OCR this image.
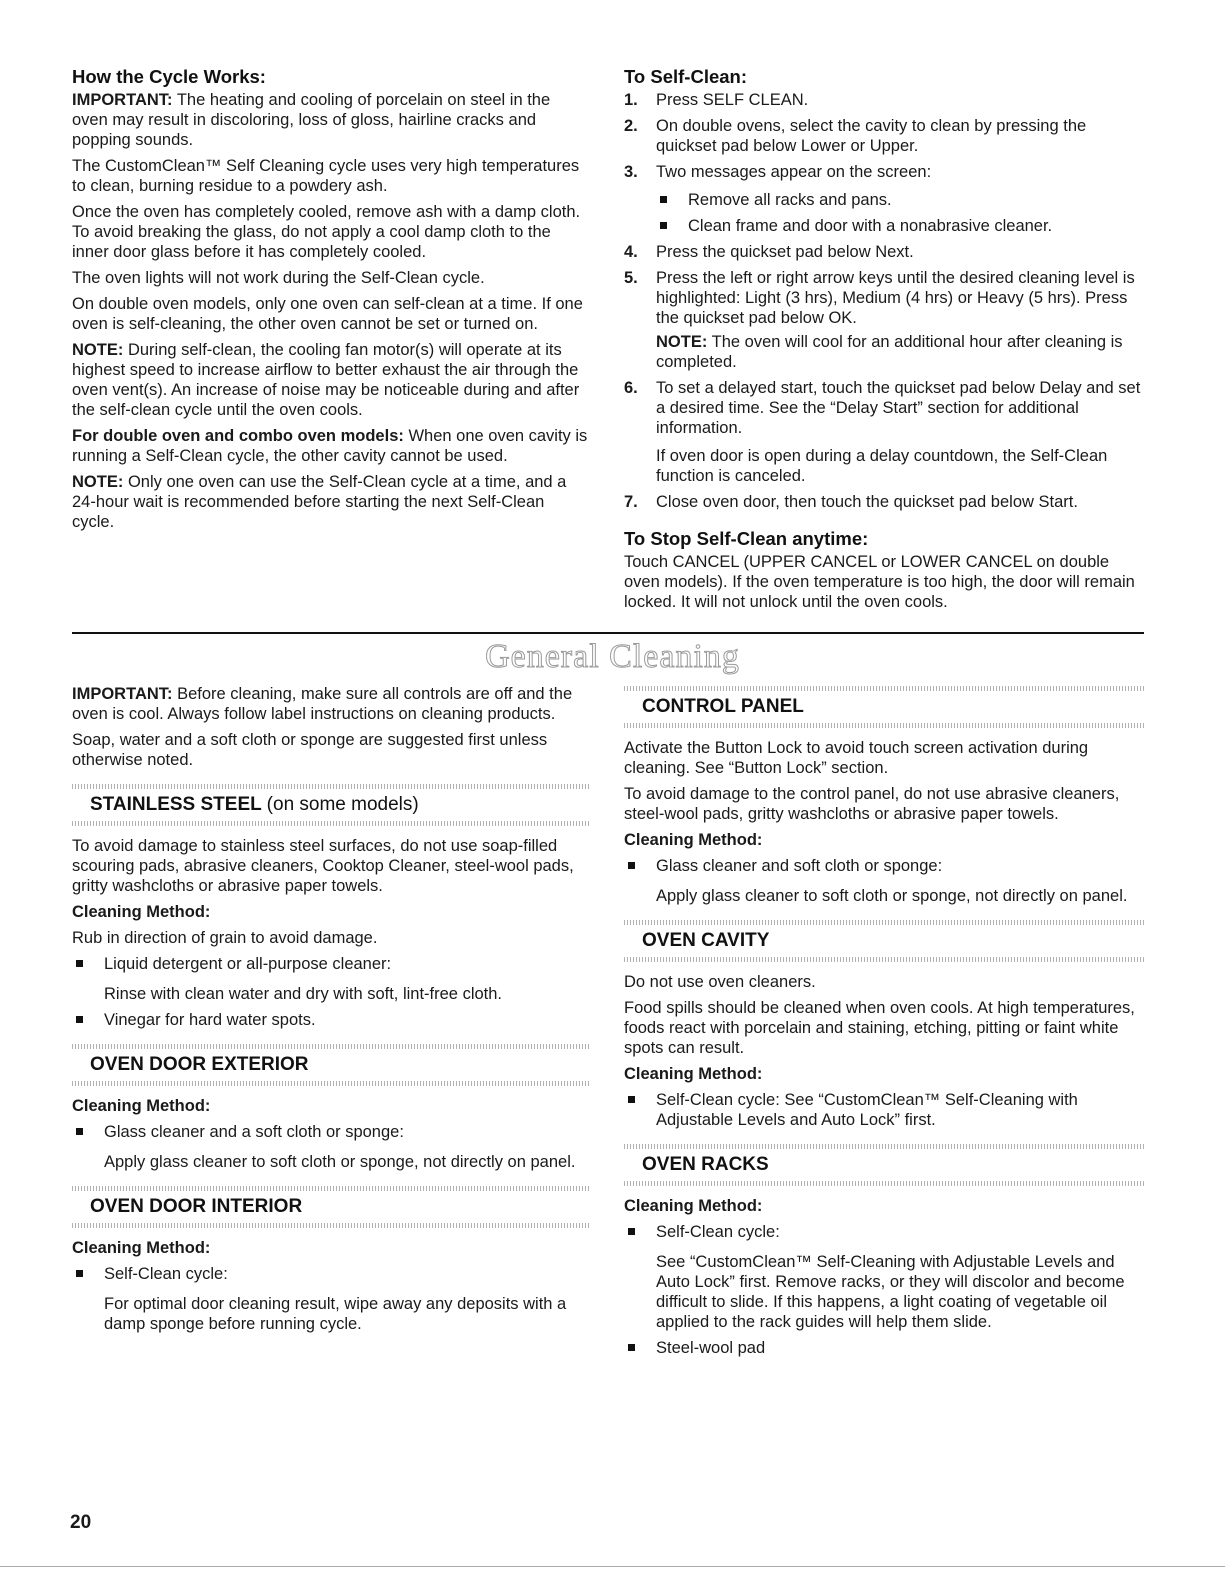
How the Cycle Works:

IMPORTANT: The heating and cooling of porcelain on steel in the oven may result in discoloring, loss of gloss, hairline cracks and popping sounds.

The CustomClean™ Self Cleaning cycle uses very high temperatures to clean, burning residue to a powdery ash.

Once the oven has completely cooled, remove ash with a damp cloth. To avoid breaking the glass, do not apply a cool damp cloth to the inner door glass before it has completely cooled.

The oven lights will not work during the Self-Clean cycle.

On double oven models, only one oven can self-clean at a time. If one oven is self-cleaning, the other oven cannot be set or turned on.

NOTE: During self-clean, the cooling fan motor(s) will operate at its highest speed to increase airflow to better exhaust the air through the oven vent(s). An increase of noise may be noticeable during and after the self-clean cycle until the oven cools.

For double oven and combo oven models: When one oven cavity is running a Self-Clean cycle, the other cavity cannot be used.

NOTE: Only one oven can use the Self-Clean cycle at a time, and a 24-hour wait is recommended before starting the next Self-Clean cycle.

To Self-Clean:
1. Press SELF CLEAN.
2. On double ovens, select the cavity to clean by pressing the quickset pad below Lower or Upper.
3. Two messages appear on the screen:
Remove all racks and pans.
Clean frame and door with a nonabrasive cleaner.
4. Press the quickset pad below Next.
5. Press the left or right arrow keys until the desired cleaning level is highlighted: Light (3 hrs), Medium (4 hrs) or Heavy (5 hrs). Press the quickset pad below OK.

NOTE: The oven will cool for an additional hour after cleaning is completed.

6. To set a delayed start, touch the quickset pad below Delay and set a desired time. See the “Delay Start” section for additional information.

If oven door is open during a delay countdown, the Self-Clean function is canceled.

7. Close oven door, then touch the quickset pad below Start.
To Stop Self-Clean anytime:

Touch CANCEL (UPPER CANCEL or LOWER CANCEL on double oven models). If the oven temperature is too high, the door will remain locked. It will not unlock until the oven cools.

General Cleaning

IMPORTANT: Before cleaning, make sure all controls are off and the oven is cool. Always follow label instructions on cleaning products.

Soap, water and a soft cloth or sponge are suggested first unless otherwise noted.

STAINLESS STEEL (on some models)

To avoid damage to stainless steel surfaces, do not use soap-filled scouring pads, abrasive cleaners, Cooktop Cleaner, steel-wool pads, gritty washcloths or abrasive paper towels.

Cleaning Method:

Rub in direction of grain to avoid damage.

Liquid detergent or all-purpose cleaner:

Rinse with clean water and dry with soft, lint-free cloth.

Vinegar for hard water spots.
OVEN DOOR EXTERIOR
Cleaning Method:
Glass cleaner and a soft cloth or sponge:

Apply glass cleaner to soft cloth or sponge, not directly on panel.

OVEN DOOR INTERIOR
Cleaning Method:
Self-Clean cycle:

For optimal door cleaning result, wipe away any deposits with a damp sponge before running cycle.

CONTROL PANEL

Activate the Button Lock to avoid touch screen activation during cleaning. See “Button Lock” section.

To avoid damage to the control panel, do not use abrasive cleaners, steel-wool pads, gritty washcloths or abrasive paper towels.

Cleaning Method:
Glass cleaner and soft cloth or sponge:

Apply glass cleaner to soft cloth or sponge, not directly on panel.

OVEN CAVITY

Do not use oven cleaners.

Food spills should be cleaned when oven cools. At high temperatures, foods react with porcelain and staining, etching, pitting or faint white spots can result.

Cleaning Method:
Self-Clean cycle: See “CustomClean™ Self-Cleaning with Adjustable Levels and Auto Lock” first.
OVEN RACKS
Cleaning Method:
Self-Clean cycle:

See “CustomClean™ Self-Cleaning with Adjustable Levels and Auto Lock” first. Remove racks, or they will discolor and become difficult to slide. If this happens, a light coating of vegetable oil applied to the rack guides will help them slide.

Steel-wool pad
20
